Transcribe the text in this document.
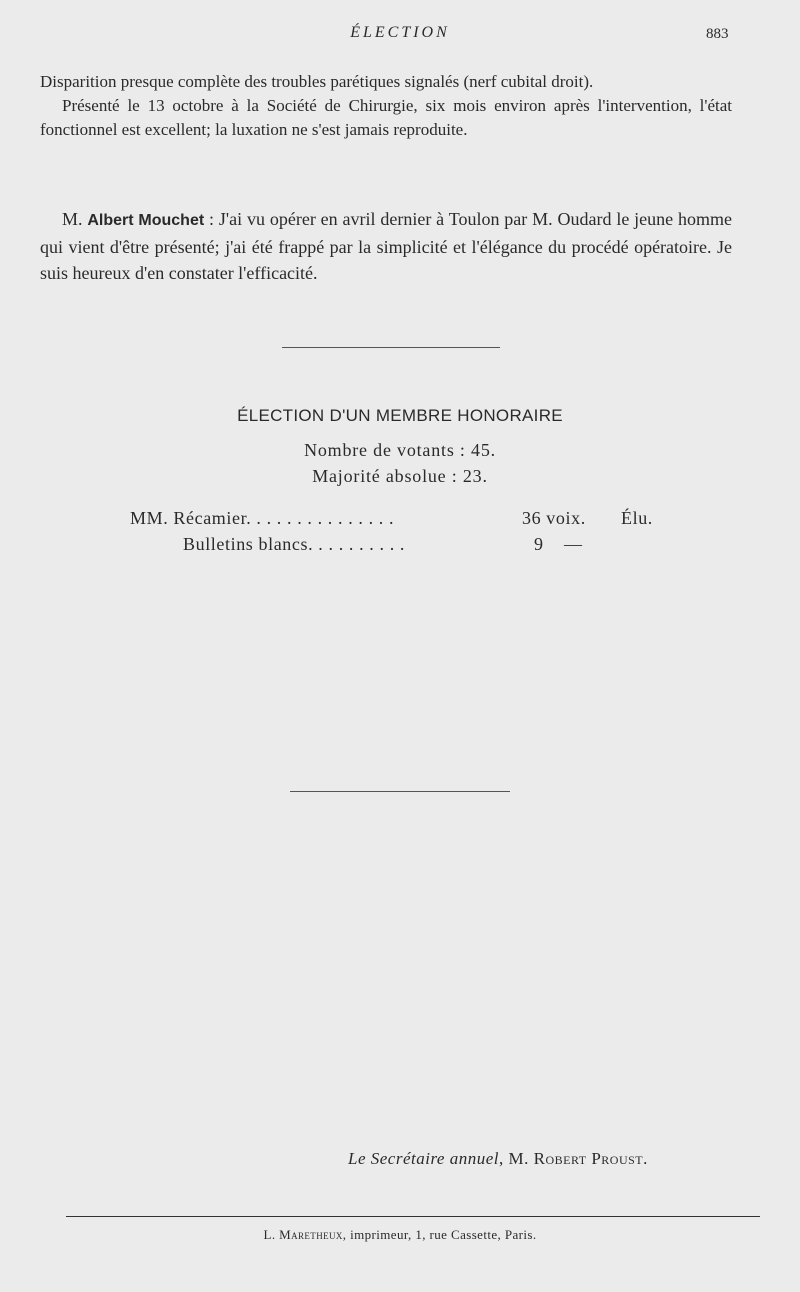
ÉLECTION	883

Disparition presque complète des troubles parétiques signalés (nerf cubital droit).

Présenté le 13 octobre à la Société de Chirurgie, six mois environ après l'intervention, l'état fonctionnel est excellent; la luxation ne s'est jamais reproduite.

M. Albert Mouchet : J'ai vu opérer en avril dernier à Toulon par M. Oudard le jeune homme qui vient d'être présenté; j'ai été frappé par la simplicité et l'élégance du procédé opératoire. Je suis heureux d'en constater l'efficacité.

ÉLECTION D'UN MEMBRE HONORAIRE
Nombre de votants : 45.
Majorité absolue : 23.
MM. Récamier. . . . . . . . . . . . . . .	36 voix. Élu.
Bulletins blancs. . . . . . . . . .	9 —
Le Secrétaire annuel, M. Robert Proust.
L. Maretheux, imprimeur, 1, rue Cassette, Paris.
